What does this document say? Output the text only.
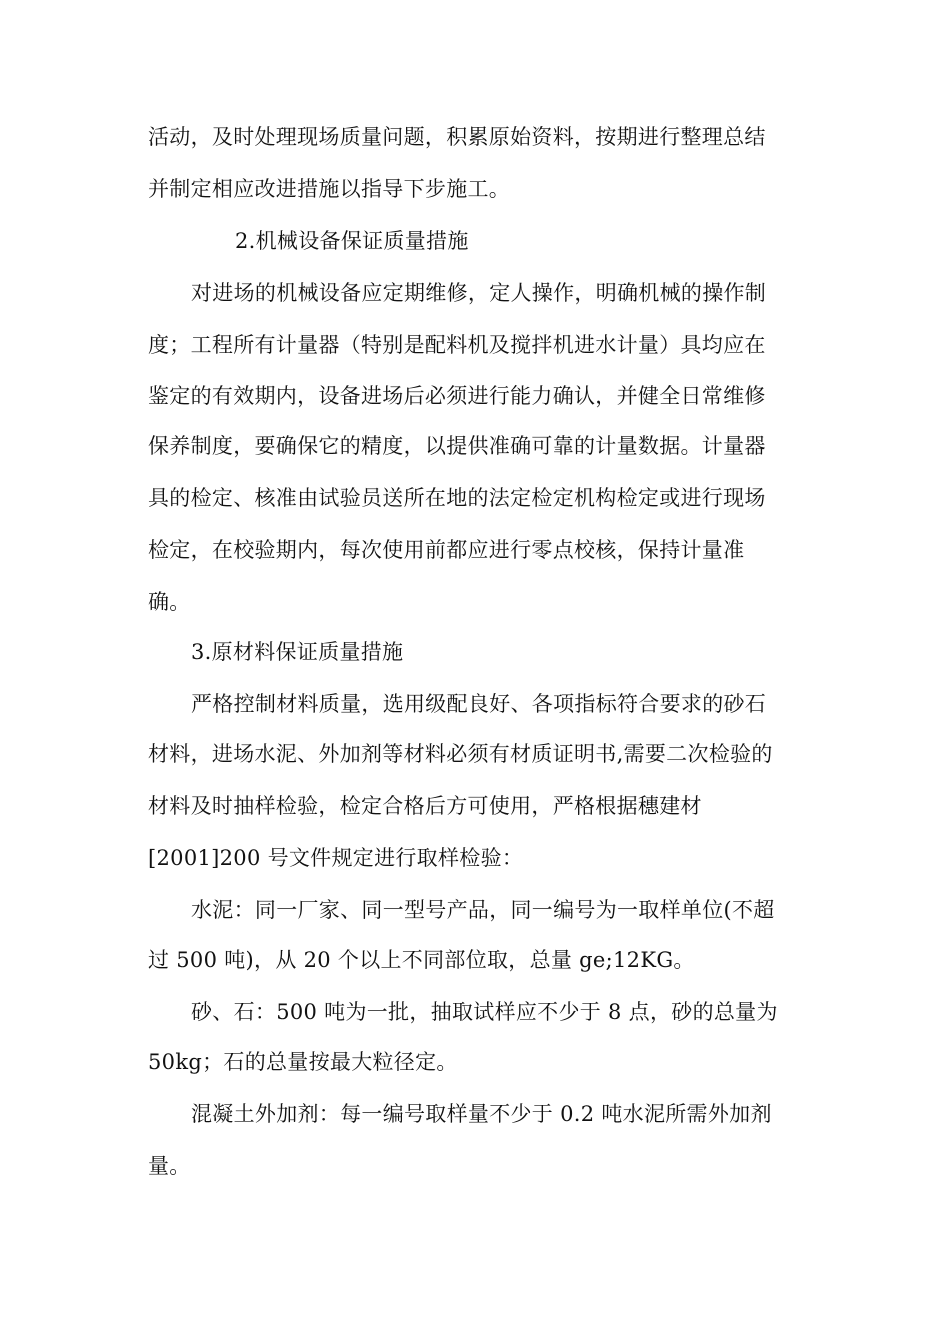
活动，及时处理现场质量问题，积累原始资料，按期进行整理总结
并制定相应改进措施以指导下步施工。
2.机械设备保证质量措施
对进场的机械设备应定期维修，定人操作，明确机械的操作制
度；工程所有计量器（特别是配料机及搅拌机进水计量）具均应在
鉴定的有效期内，设备进场后必须进行能力确认，并健全日常维修
保养制度，要确保它的精度，以提供准确可靠的计量数据。计量器
具的检定、核准由试验员送所在地的法定检定机构检定或进行现场
检定，在校验期内，每次使用前都应进行零点校核，保持计量准
确。
3.原材料保证质量措施
严格控制材料质量，选用级配良好、各项指标符合要求的砂石
材料，进场水泥、外加剂等材料必须有材质证明书,需要二次检验的
材料及时抽样检验，检定合格后方可使用，严格根据穗建材
[2001]200 号文件规定进行取样检验：
水泥：同一厂家、同一型号产品，同一编号为一取样单位(不超
过 500 吨)，从 20 个以上不同部位取，总量 ge;12KG。
砂、石：500 吨为一批，抽取试样应不少于 8 点，砂的总量为
50kg；石的总量按最大粒径定。
混凝土外加剂：每一编号取样量不少于 0.2 吨水泥所需外加剂
量。
